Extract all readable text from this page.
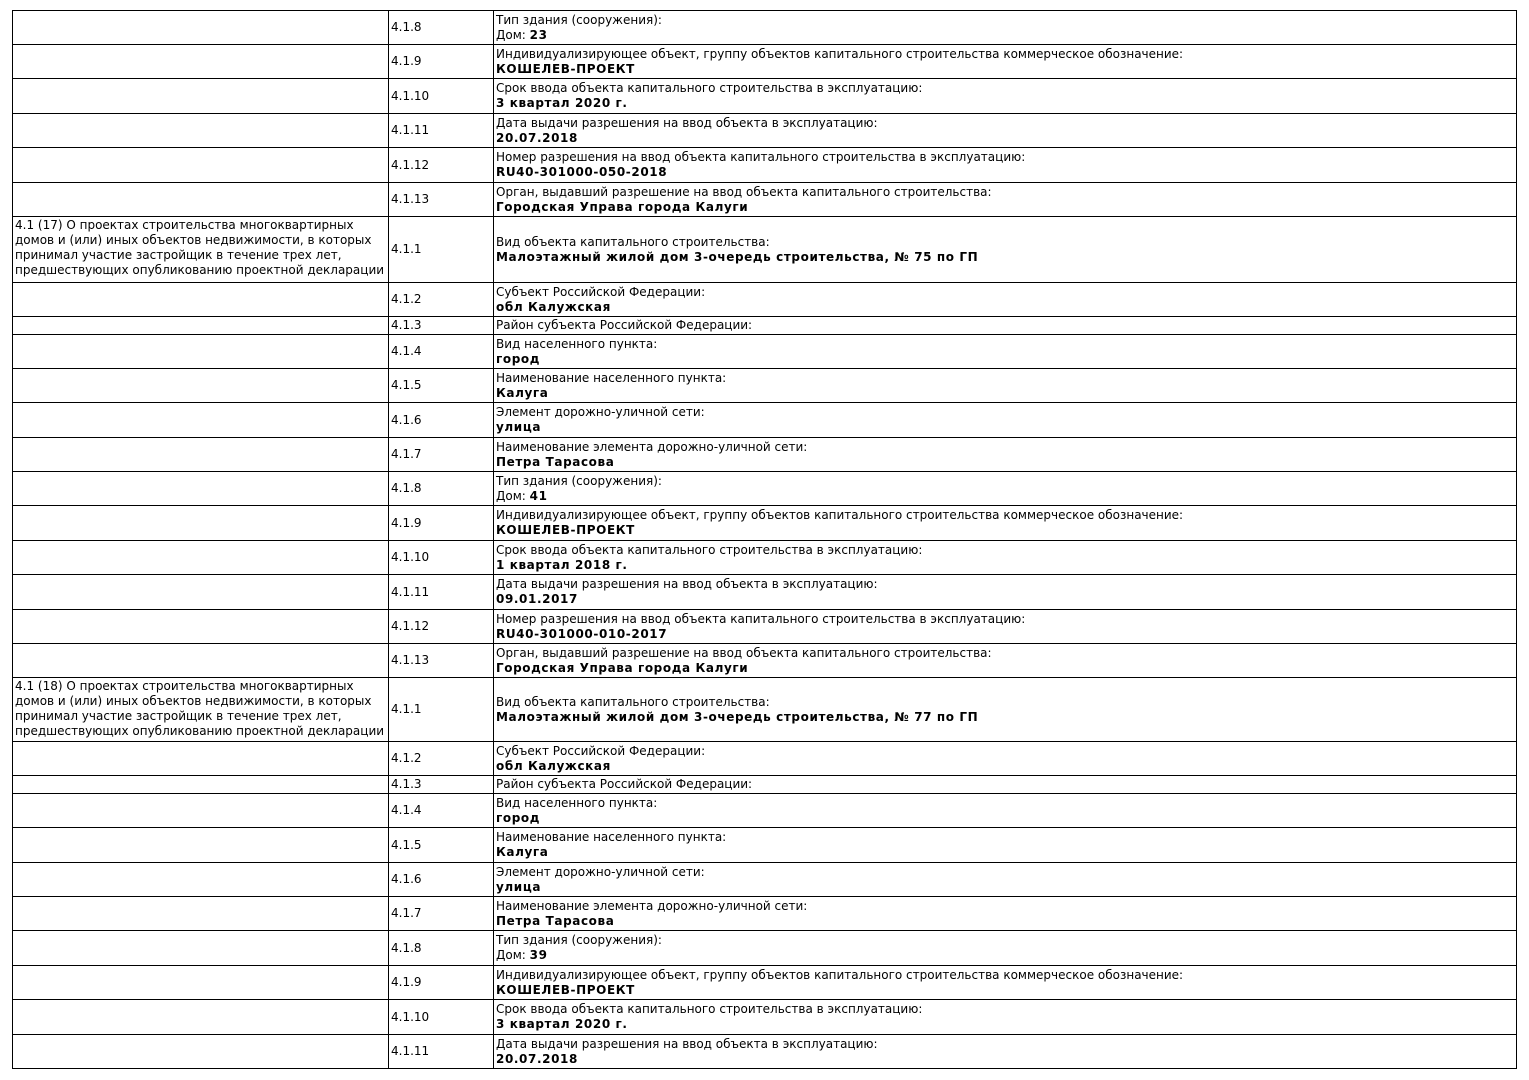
	4.1.8	Тип здания (сооружения):
Дом: 23

	4.1.9	Индивидуализирующее объект, группу объектов капитального строительства коммерческое обозначение:
КОШЕЛЕВ-ПРОЕКТ

	4.1.10	Срок ввода объекта капитального строительства в эксплуатацию:
3 квартал 2020 г.

	4.1.11	Дата выдачи разрешения на ввод объекта в эксплуатацию:
20.07.2018

	4.1.12	Номер разрешения на ввод объекта капитального строительства в эксплуатацию:
RU40-301000-050-2018

	4.1.13	Орган, выдавший разрешение на ввод объекта капитального строительства:
Городская Управа города Калуги

4.1 (17) О проектах строительства многоквартирных домов и (или) иных объектов недвижимости, в которых принимал участие застройщик в течение трех лет, предшествующих опубликованию проектной декларации	4.1.1	Вид объекта капитального строительства:
Малоэтажный жилой дом 3-очередь строительства, № 75 по ГП

	4.1.2	Субъект Российской Федерации:
обл Калужская

	4.1.3	Район субъекта Российской Федерации:

	4.1.4	Вид населенного пункта:
город

	4.1.5	Наименование населенного пункта:
Калуга

	4.1.6	Элемент дорожно-уличной сети:
улица

	4.1.7	Наименование элемента дорожно-уличной сети:
Петра Тарасова

	4.1.8	Тип здания (сооружения):
Дом: 41

	4.1.9	Индивидуализирующее объект, группу объектов капитального строительства коммерческое обозначение:
КОШЕЛЕВ-ПРОЕКТ

	4.1.10	Срок ввода объекта капитального строительства в эксплуатацию:
1 квартал 2018 г.

	4.1.11	Дата выдачи разрешения на ввод объекта в эксплуатацию:
09.01.2017

	4.1.12	Номер разрешения на ввод объекта капитального строительства в эксплуатацию:
RU40-301000-010-2017

	4.1.13	Орган, выдавший разрешение на ввод объекта капитального строительства:
Городская Управа города Калуги

4.1 (18) О проектах строительства многоквартирных домов и (или) иных объектов недвижимости, в которых принимал участие застройщик в течение трех лет, предшествующих опубликованию проектной декларации	4.1.1	Вид объекта капитального строительства:
Малоэтажный жилой дом 3-очередь строительства, № 77 по ГП

	4.1.2	Субъект Российской Федерации:
обл Калужская

	4.1.3	Район субъекта Российской Федерации:

	4.1.4	Вид населенного пункта:
город

	4.1.5	Наименование населенного пункта:
Калуга

	4.1.6	Элемент дорожно-уличной сети:
улица

	4.1.7	Наименование элемента дорожно-уличной сети:
Петра Тарасова

	4.1.8	Тип здания (сооружения):
Дом: 39

	4.1.9	Индивидуализирующее объект, группу объектов капитального строительства коммерческое обозначение:
КОШЕЛЕВ-ПРОЕКТ

	4.1.10	Срок ввода объекта капитального строительства в эксплуатацию:
3 квартал 2020 г.

	4.1.11	Дата выдачи разрешения на ввод объекта в эксплуатацию:
20.07.2018
